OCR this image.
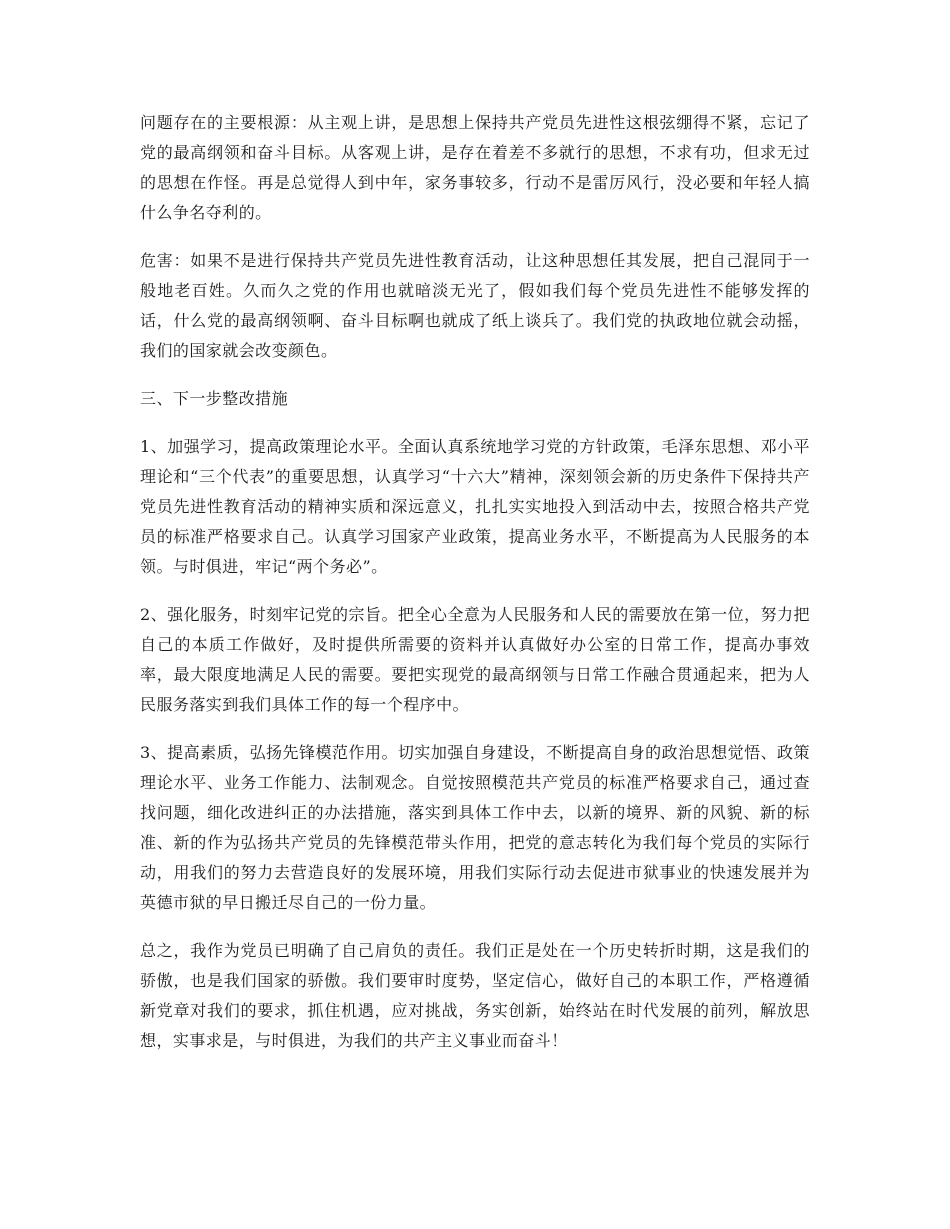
问题存在的主要根源：从主观上讲，是思想上保持共产党员先进性这根弦绷得不紧，忘记了党的最高纲领和奋斗目标。从客观上讲，是存在着差不多就行的思想，不求有功，但求无过的思想在作怪。再是总觉得人到中年，家务事较多，行动不是雷厉风行，没必要和年轻人搞什么争名夺利的。

危害：如果不是进行保持共产党员先进性教育活动，让这种思想任其发展，把自己混同于一般地老百姓。久而久之党的作用也就暗淡无光了，假如我们每个党员先进性不能够发挥的话，什么党的最高纲领啊、奋斗目标啊也就成了纸上谈兵了。我们党的执政地位就会动摇，我们的国家就会改变颜色。

三、下一步整改措施

1、加强学习，提高政策理论水平。全面认真系统地学习党的方针政策，毛泽东思想、邓小平理论和“三个代表”的重要思想，认真学习“十六大”精神，深刻领会新的历史条件下保持共产党员先进性教育活动的精神实质和深远意义，扎扎实实地投入到活动中去，按照合格共产党员的标准严格要求自己。认真学习国家产业政策，提高业务水平，不断提高为人民服务的本领。与时俱进，牢记“两个务必”。

2、强化服务，时刻牢记党的宗旨。把全心全意为人民服务和人民的需要放在第一位，努力把自己的本质工作做好，及时提供所需要的资料并认真做好办公室的日常工作，提高办事效率，最大限度地满足人民的需要。要把实现党的最高纲领与日常工作融合贯通起来，把为人民服务落实到我们具体工作的每一个程序中。

3、提高素质，弘扬先锋模范作用。切实加强自身建设，不断提高自身的政治思想觉悟、政策理论水平、业务工作能力、法制观念。自觉按照模范共产党员的标准严格要求自己，通过查找问题，细化改进纠正的办法措施，落实到具体工作中去，以新的境界、新的风貌、新的标准、新的作为弘扬共产党员的先锋模范带头作用，把党的意志转化为我们每个党员的实际行动，用我们的努力去营造良好的发展环境，用我们实际行动去促进市狱事业的快速发展并为英德市狱的早日搬迁尽自己的一份力量。

总之，我作为党员已明确了自己肩负的责任。我们正是处在一个历史转折时期，这是我们的骄傲，也是我们国家的骄傲。我们要审时度势，坚定信心，做好自己的本职工作，严格遵循新党章对我们的要求，抓住机遇，应对挑战，务实创新，始终站在时代发展的前列，解放思想，实事求是，与时俱进，为我们的共产主义事业而奋斗！
